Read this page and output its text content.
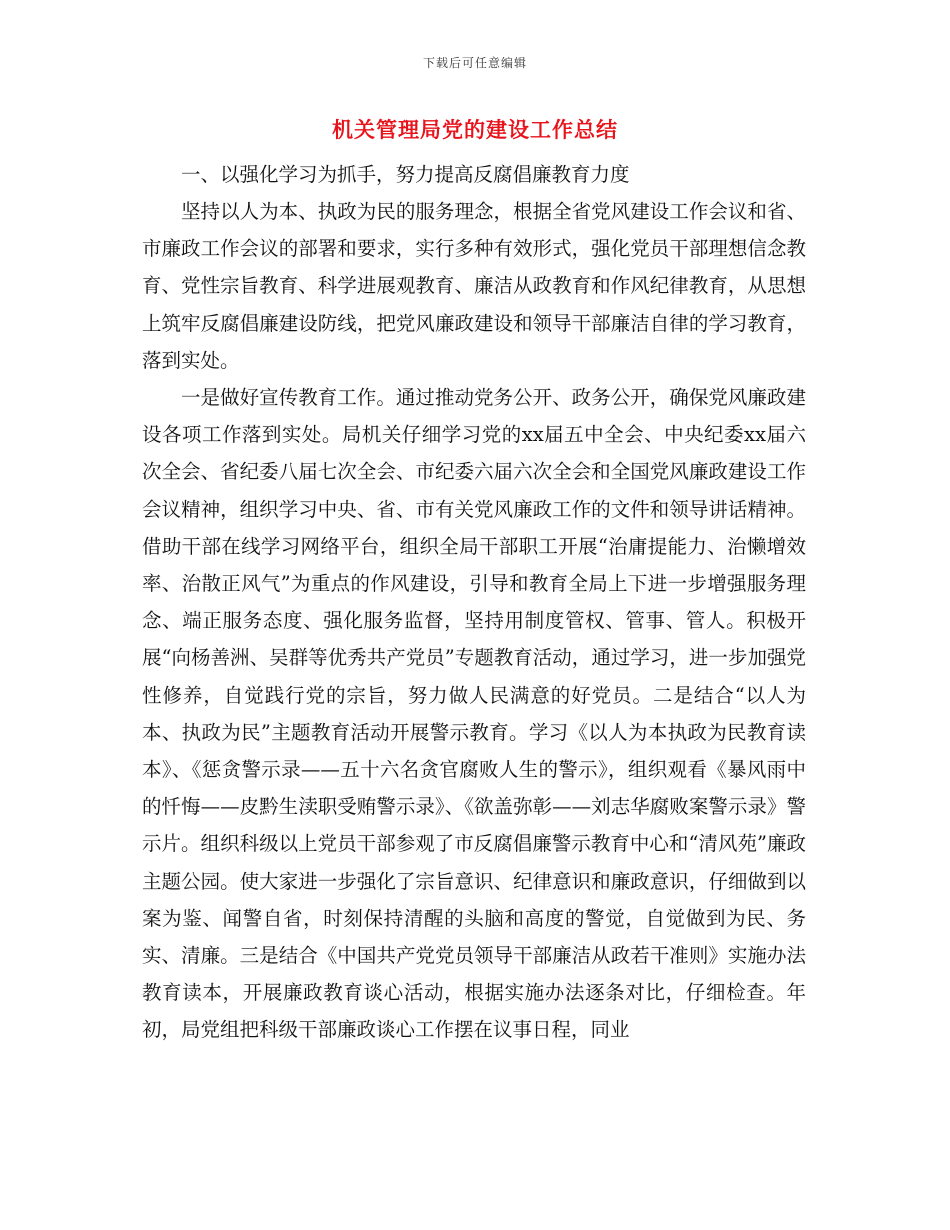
下载后可任意编辑
机关管理局党的建设工作总结
一、以强化学习为抓手，努力提高反腐倡廉教育力度
坚持以人为本、执政为民的服务理念，根据全省党风建设工作会议和省、市廉政工作会议的部署和要求，实行多种有效形式，强化党员干部理想信念教育、党性宗旨教育、科学进展观教育、廉洁从政教育和作风纪律教育，从思想上筑牢反腐倡廉建设防线，把党风廉政建设和领导干部廉洁自律的学习教育，落到实处。
一是做好宣传教育工作。通过推动党务公开、政务公开，确保党风廉政建设各项工作落到实处。局机关仔细学习党的xx届五中全会、中央纪委xx届六次全会、省纪委八届七次全会、市纪委六届六次全会和全国党风廉政建设工作会议精神，组织学习中央、省、市有关党风廉政工作的文件和领导讲话精神。借助干部在线学习网络平台，组织全局干部职工开展“治庸提能力、治懒增效率、治散正风气”为重点的作风建设，引导和教育全局上下进一步增强服务理念、端正服务态度、强化服务监督，坚持用制度管权、管事、管人。积极开展“向杨善洲、吴群等优秀共产党员”专题教育活动，通过学习，进一步加强党性修养，自觉践行党的宗旨，努力做人民满意的好党员。二是结合“以人为本、执政为民”主题教育活动开展警示教育。学习《以人为本执政为民教育读本》、《惩贪警示录——五十六名贪官腐败人生的警示》，组织观看《暴风雨中的忏悔——皮黔生渎职受贿警示录》、《欲盖弥彰——刘志华腐败案警示录》警示片。组织科级以上党员干部参观了市反腐倡廉警示教育中心和“清风苑”廉政主题公园。使大家进一步强化了宗旨意识、纪律意识和廉政意识，仔细做到以案为鉴、闻警自省，时刻保持清醒的头脑和高度的警觉，自觉做到为民、务实、清廉。三是结合《中国共产党党员领导干部廉洁从政若干准则》实施办法教育读本，开展廉政教育谈心活动，根据实施办法逐条对比，仔细检查。年初，局党组把科级干部廉政谈心工作摆在议事日程，同业
